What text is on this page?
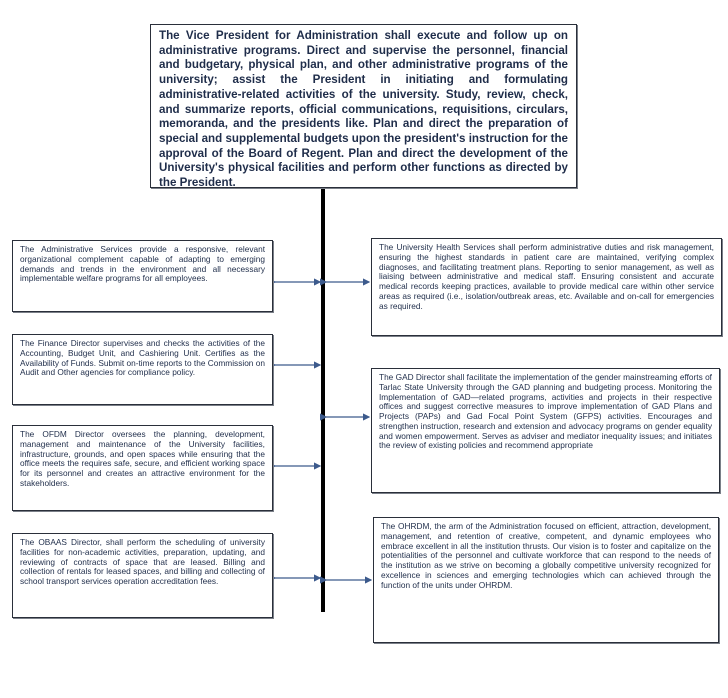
The Vice President for Administration shall execute and follow up on administrative programs. Direct and supervise the personnel, financial and budgetary, physical plan, and other administrative programs of the university; assist the President in initiating and formulating administrative-related activities of the university. Study, review, check, and summarize reports, official communications, requisitions, circulars, memoranda, and the presidents like. Plan and direct the preparation of special and supplemental budgets upon the president's instruction for the approval of the Board of Regent. Plan and direct the development of the University's physical facilities and perform other functions as directed by the President.
The Administrative Services provide a responsive, relevant organizational complement capable of adapting to emerging demands and trends in the environment and all necessary implementable welfare programs for all employees.
The Finance Director supervises and checks the activities of the Accounting, Budget Unit, and Cashiering Unit. Certifies as the Availability of Funds. Submit on-time reports to the Commission on Audit and Other agencies for compliance policy.
The OFDM Director oversees the planning, development, management and maintenance of the University facilities, infrastructure, grounds, and open spaces while ensuring that the office meets the requires safe, secure, and efficient working space for its personnel and creates an attractive environment for the stakeholders.
The OBAAS Director, shall perform the scheduling of university facilities for non-academic activities, preparation, updating, and reviewing of contracts of space that are leased. Billing and collection of rentals for leased spaces, and billing and collecting of school transport services operation accreditation fees.
The University Health Services shall perform administrative duties and risk management, ensuring the highest standards in patient care are maintained, verifying complex diagnoses, and facilitating treatment plans. Reporting to senior management, as well as liaising between administrative and medical staff. Ensuring consistent and accurate medical records keeping practices, available to provide medical care within other service areas as required (i.e., isolation/outbreak areas, etc. Available and on-call for emergencies as required.
The GAD Director shall facilitate the implementation of the gender mainstreaming efforts of Tarlac State University through the GAD planning and budgeting process. Monitoring the Implementation of GAD—related programs, activities and projects in their respective offices and suggest corrective measures to improve implementation of GAD Plans and Projects (PAPs) and Gad Focal Point System (GFPS) activities. Encourages and strengthen instruction, research and extension and advocacy programs on gender equality and women empowerment. Serves as adviser and mediator inequality issues; and initiates the review of existing policies and recommend appropriate
The OHRDM, the arm of the Administration focused on efficient, attraction, development, management, and retention of creative, competent, and dynamic employees who embrace excellent in all the institution thrusts. Our vision is to foster and capitalize on the potentialities of the personnel and cultivate workforce that can respond to the needs of the institution as we strive on becoming a globally competitive university recognized for excellence in sciences and emerging technologies which can achieved through the function of the units under OHRDM.
